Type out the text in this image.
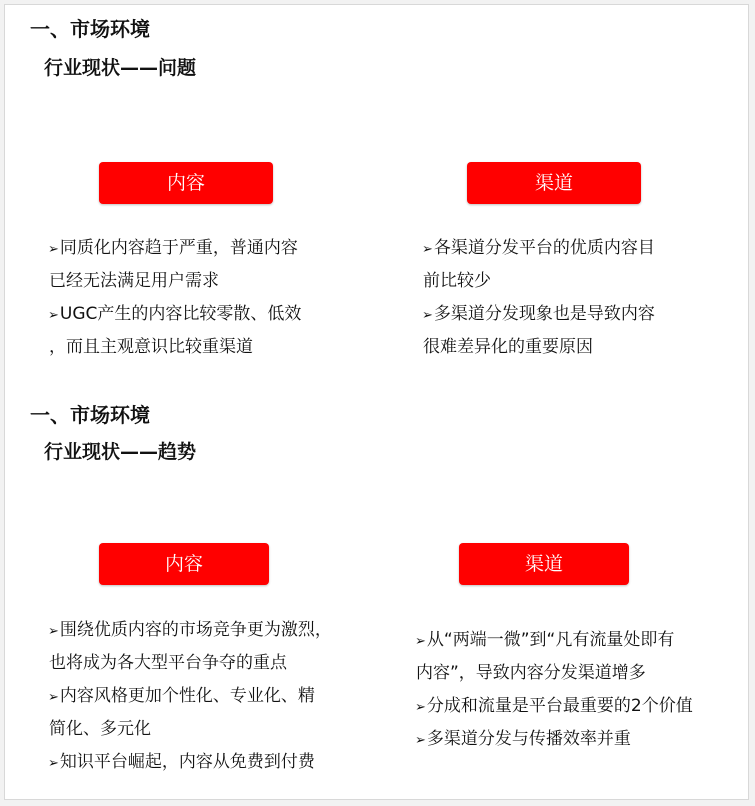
一、市场环境
行业现状——问题
内容	渠道
➢同质化内容趋于严重，普通内容
已经无法满足用户需求
➢UGC产生的内容比较零散、低效
，而且主观意识比较重渠道
➢各渠道分发平台的优质内容目
前比较少
➢多渠道分发现象也是导致内容
很难差异化的重要原因
一、市场环境
行业现状——趋势
内容	渠道
➢围绕优质内容的市场竞争更为激烈，
也将成为各大型平台争夺的重点
➢内容风格更加个性化、专业化、精
简化、多元化
➢知识平台崛起，内容从免费到付费
➢从“两端一微”到“凡有流量处即有
内容”，导致内容分发渠道增多
➢分成和流量是平台最重要的2个价值
➢多渠道分发与传播效率并重
